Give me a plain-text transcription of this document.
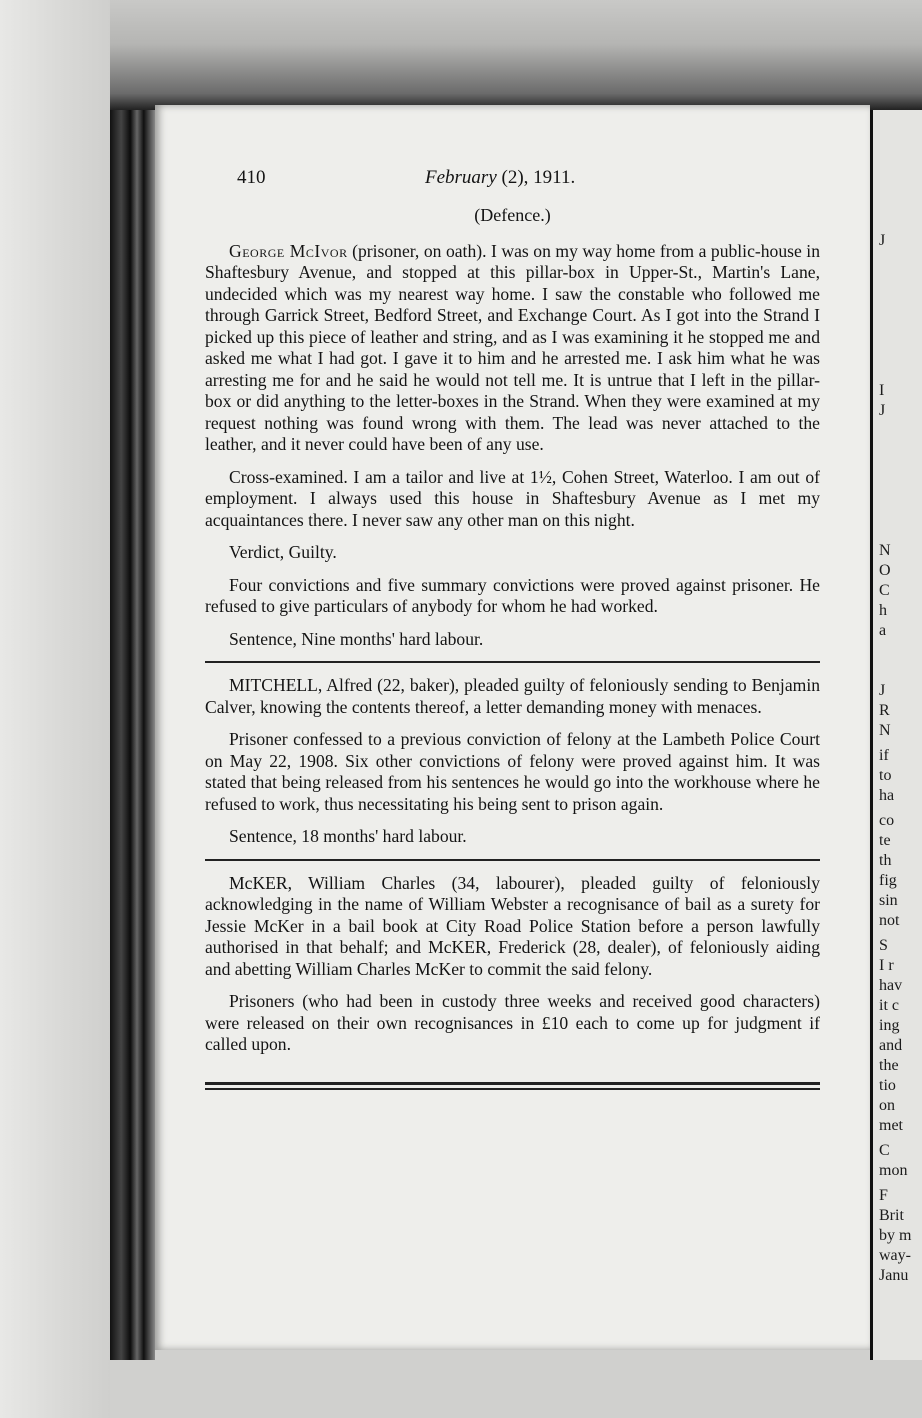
410	February (2), 1911.
(Defence.)

George McIvor (prisoner, on oath). I was on my way home from a public-house in Shaftesbury Avenue, and stopped at this pillar-box in Upper-St., Martin's Lane, undecided which was my nearest way home. I saw the constable who followed me through Garrick Street, Bedford Street, and Exchange Court. As I got into the Strand I picked up this piece of leather and string, and as I was examining it he stopped me and asked me what I had got. I gave it to him and he arrested me. I ask him what he was arresting me for and he said he would not tell me. It is untrue that I left in the pillar-box or did anything to the letter-boxes in the Strand. When they were examined at my request nothing was found wrong with them. The lead was never attached to the leather, and it never could have been of any use.

Cross-examined. I am a tailor and live at 1½, Cohen Street, Waterloo. I am out of employment. I always used this house in Shaftesbury Avenue as I met my acquaintances there. I never saw any other man on this night.

Verdict, Guilty.

Four convictions and five summary convictions were proved against prisoner. He refused to give particulars of anybody for whom he had worked.

Sentence, Nine months' hard labour.

MITCHELL, Alfred (22, baker), pleaded guilty of feloniously sending to Benjamin Calver, knowing the contents thereof, a letter demanding money with menaces.

Prisoner confessed to a previous conviction of felony at the Lambeth Police Court on May 22, 1908. Six other convictions of felony were proved against him. It was stated that being released from his sentences he would go into the workhouse where he refused to work, thus necessitating his being sent to prison again.

Sentence, 18 months' hard labour.

McKER, William Charles (34, labourer), pleaded guilty of feloniously acknowledging in the name of William Webster a recognisance of bail as a surety for Jessie McKer in a bail book at City Road Police Station before a person lawfully authorised in that behalf; and McKER, Frederick (28, dealer), of feloniously aiding and abetting William Charles McKer to commit the said felony.

Prisoners (who had been in custody three weeks and received good characters) were released on their own recognisances in £10 each to come up for judgment if called upon.

J
I
J
N
O
C
h
a
J
R
N
if
to
ha
co
te
th
fig
sin
not
S
I r
hav
it c
ing
and
the
tio
on
met
C
mon
F
Brit
by m
way-
Janu
